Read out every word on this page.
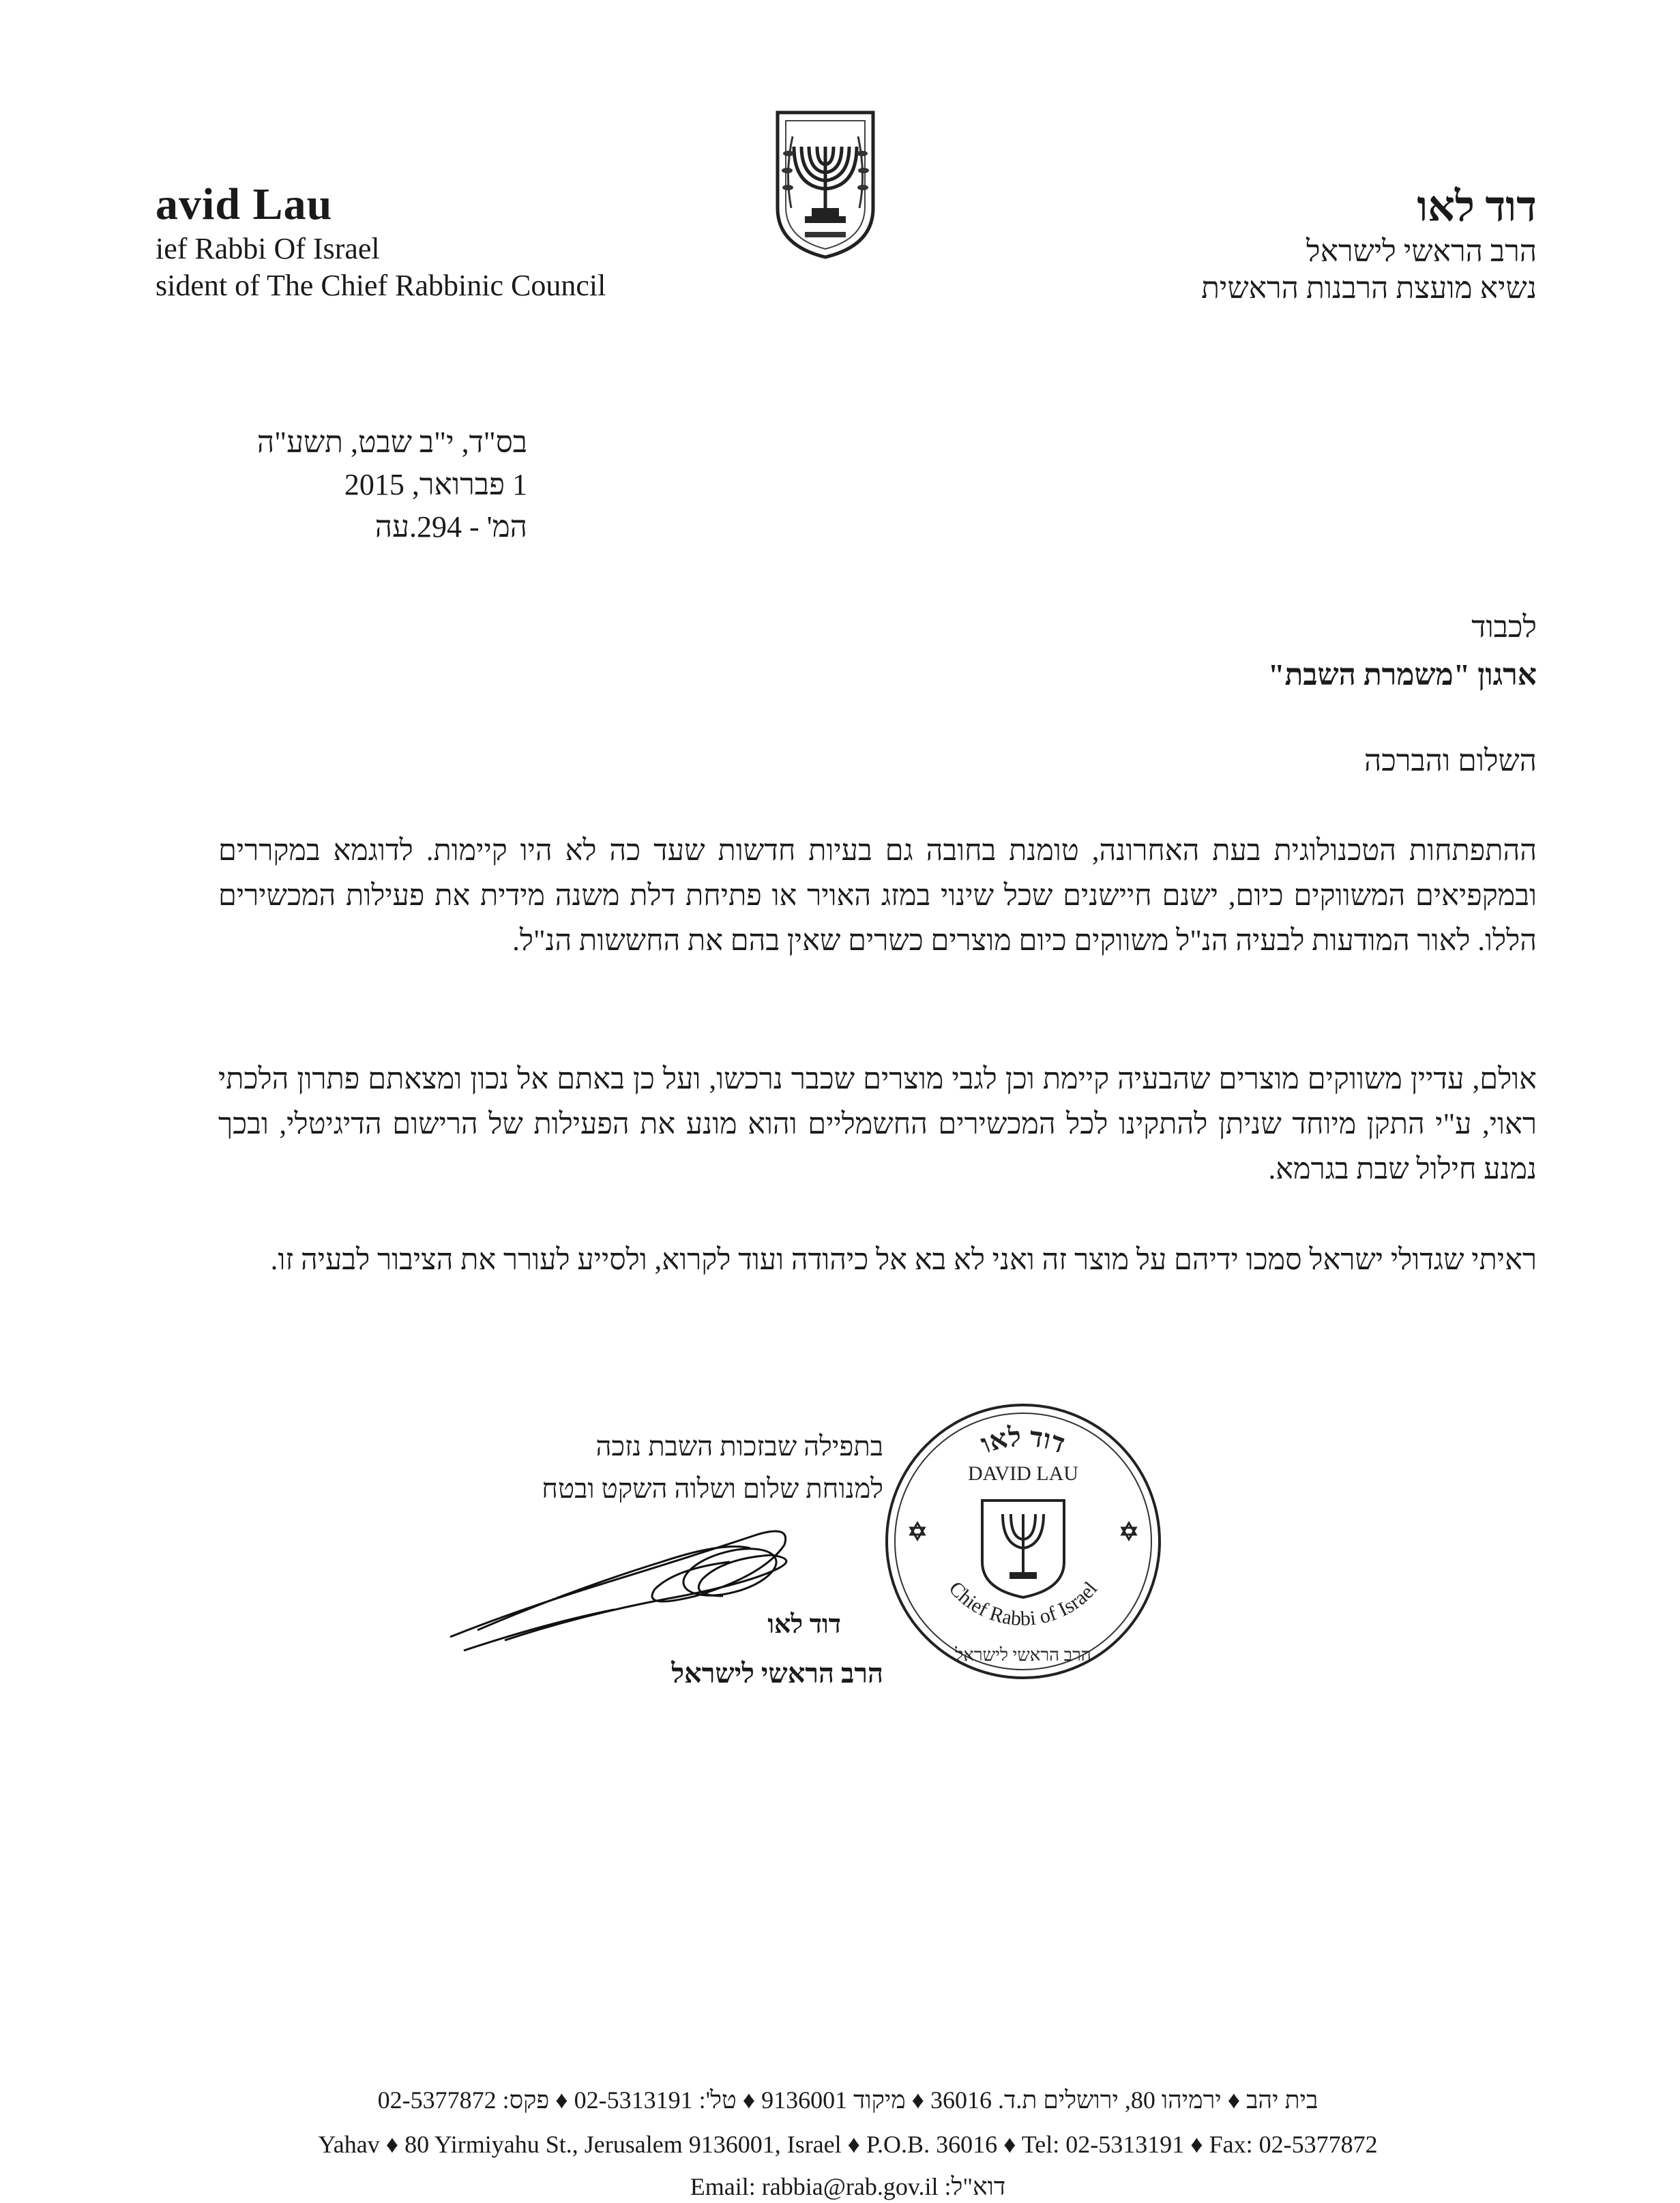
avid Lau
ief Rabbi Of Israel
sident of The Chief Rabbinic Council
דוד לאו
הרב הראשי לישראל
נשיא מועצת הרבנות הראשית
בס"ד, י"ב שבט, תשע"ה
1 פברואר, 2015
המ' - 294.עה
לכבוד
ארגון "משמרת השבת"
השלום והברכה
ההתפתחות הטכנולוגית בעת האחרונה, טומנת בחובה גם בעיות חדשות שעד כה לא היו קיימות. לדוגמא במקררים ובמקפיאים המשווקים כיום, ישנם חיישנים שכל שינוי במזג האויר או פתיחת דלת משנה מידית את פעילות המכשירים הללו. לאור המודעות לבעיה הנ"ל משווקים כיום מוצרים כשרים שאין בהם את החששות הנ"ל.
אולם, עדיין משווקים מוצרים שהבעיה קיימת וכן לגבי מוצרים שכבר נרכשו, ועל כן באתם אל נכון ומצאתם פתרון הלכתי ראוי, ע"י התקן מיוחד שניתן להתקינו לכל המכשירים החשמליים והוא מונע את הפעילות של הרישום הדיגיטלי, ובכך נמנע חילול שבת בגרמא.
ראיתי שגדולי ישראל סמכו ידיהם על מוצר זה ואני לא בא אל כיהודה ועוד לקרוא, ולסייע לעורר את הציבור לבעיה זו.
בתפילה שבזכות השבת נזכה
למנוחת שלום ושלוה השקט ובטח
דוד לאו
הרב הראשי לישראל
דוד לאו
DAVID LAU
Chief Rabbi of Israel
הרב הראשי לישראל
בית יהב ♦ ירמיהו 80, ירושלים ת.ד. 36016 ♦ מיקוד 9136001 ♦ טל': 02-5313191 ♦ פקס: 02-5377872
Yahav ♦ 80 Yirmiyahu St., Jerusalem 9136001, Israel ♦ P.O.B. 36016 ♦ Tel: 02-5313191 ♦ Fax: 02-5377872
Email: rabbia@rab.gov.il :דוא"ל
